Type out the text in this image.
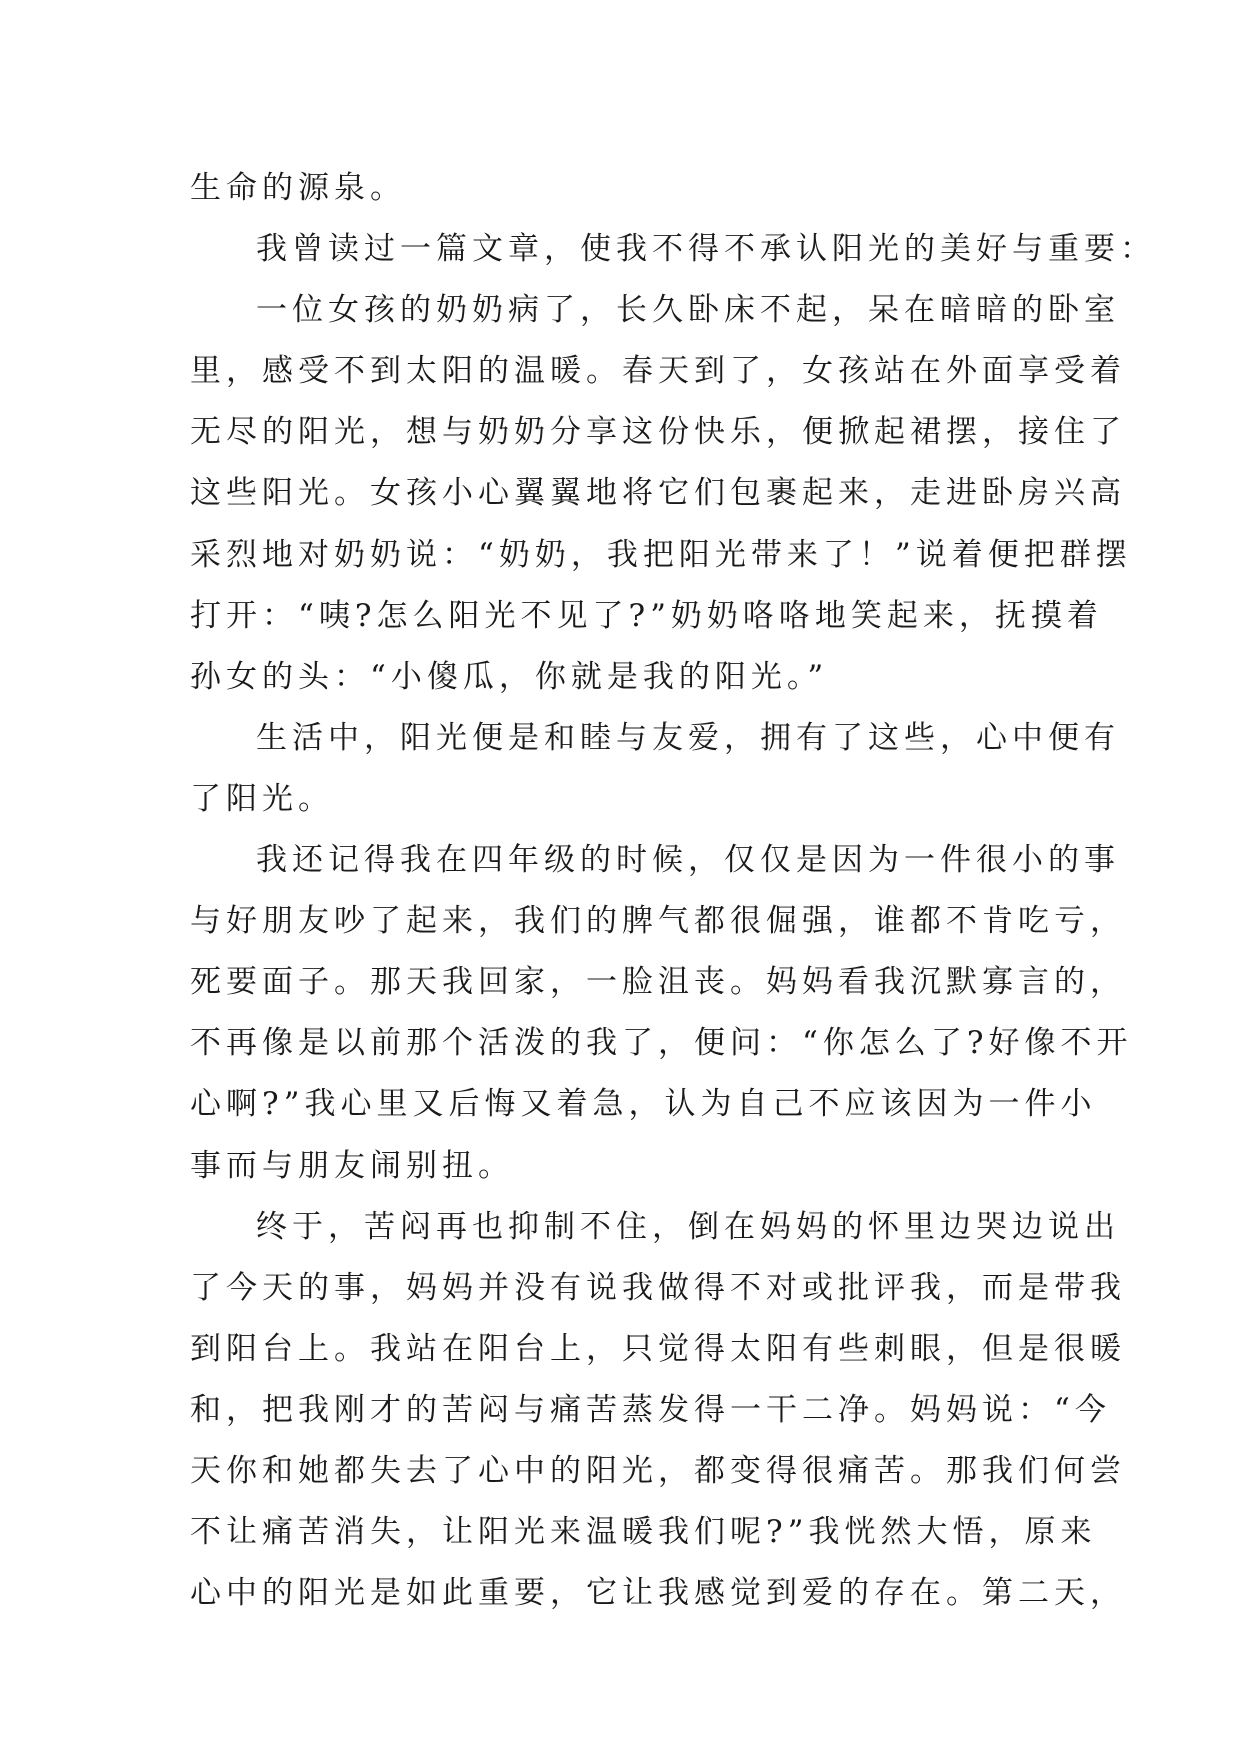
生命的源泉。
我曾读过一篇文章，使我不得不承认阳光的美好与重要：
一位女孩的奶奶病了，长久卧床不起，呆在暗暗的卧室
里，感受不到太阳的温暖。春天到了，女孩站在外面享受着
无尽的阳光，想与奶奶分享这份快乐，便掀起裙摆，接住了
这些阳光。女孩小心翼翼地将它们包裹起来，走进卧房兴高
采烈地对奶奶说：“奶奶，我把阳光带来了！”说着便把群摆
打开：“咦?怎么阳光不见了?”奶奶咯咯地笑起来，抚摸着
孙女的头：“小傻瓜，你就是我的阳光。”
生活中，阳光便是和睦与友爱，拥有了这些，心中便有
了阳光。
我还记得我在四年级的时候，仅仅是因为一件很小的事
与好朋友吵了起来，我们的脾气都很倔强，谁都不肯吃亏，
死要面子。那天我回家，一脸沮丧。妈妈看我沉默寡言的，
不再像是以前那个活泼的我了，便问：“你怎么了?好像不开
心啊?”我心里又后悔又着急，认为自己不应该因为一件小
事而与朋友闹别扭。
终于，苦闷再也抑制不住，倒在妈妈的怀里边哭边说出
了今天的事，妈妈并没有说我做得不对或批评我，而是带我
到阳台上。我站在阳台上，只觉得太阳有些刺眼，但是很暖
和，把我刚才的苦闷与痛苦蒸发得一干二净。妈妈说：“今
天你和她都失去了心中的阳光，都变得很痛苦。那我们何尝
不让痛苦消失，让阳光来温暖我们呢?”我恍然大悟，原来
心中的阳光是如此重要，它让我感觉到爱的存在。第二天，
